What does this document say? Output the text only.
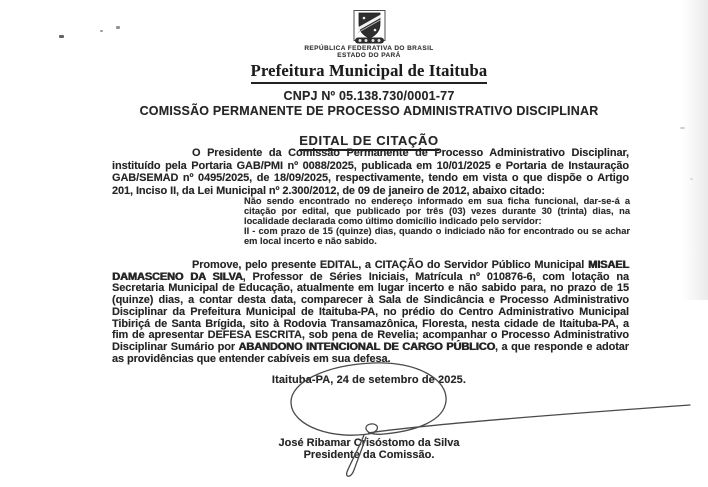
REPÚBLICA FEDERATIVA DO BRASIL
ESTADO DO PARÁ
Prefeitura Municipal de Itaituba
CNPJ Nº 05.138.730/0001-77
COMISSÃO PERMANENTE DE PROCESSO ADMINISTRATIVO DISCIPLINAR
EDITAL DE CITAÇÃO

O Presidente da Comissão Permanente de Processo Administrativo Disciplinar, instituído pela Portaria GAB/PMI nº 0088/2025, publicada em 10/01/2025 e Portaria de Instauração GAB/SEMAD nº 0495/2025, de 18/09/2025, respectivamente, tendo em vista o que dispõe o Artigo 201, Inciso II, da Lei Municipal nº 2.300/2012, de 09 de janeiro de 2012, abaixo citado:

Não sendo encontrado no endereço informado em sua ficha funcional, dar-se-á a citação por edital, que publicado por três (03) vezes durante 30 (trinta) dias, na localidade declarada como último domicílio indicado pelo servidor:

II - com prazo de 15 (quinze) dias, quando o indiciado não for encontrado ou se achar em local incerto e não sabido.

Promove, pelo presente EDITAL, a CITAÇÃO do Servidor Público Municipal MISAEL DAMASCENO DA SILVA, Professor de Séries Iniciais, Matrícula nº 010876-6, com lotação na Secretaria Municipal de Educação, atualmente em lugar incerto e não sabido para, no prazo de 15 (quinze) dias, a contar desta data, comparecer à Sala de Sindicância e Processo Administrativo Disciplinar da Prefeitura Municipal de Itaituba-PA, no prédio do Centro Administrativo Municipal Tibiriçá de Santa Brígida, sito à Rodovia Transamazônica, Floresta, nesta cidade de Itaituba-PA, a fim de apresentar DEFESA ESCRITA, sob pena de Revelia; acompanhar o Processo Administrativo Disciplinar Sumário por ABANDONO INTENCIONAL DE CARGO PÚBLICO, a que responde e adotar as providências que entender cabíveis em sua defesa.

Itaituba-PA, 24 de setembro de 2025.
José Ribamar Crisóstomo da Silva
Presidente da Comissão.
